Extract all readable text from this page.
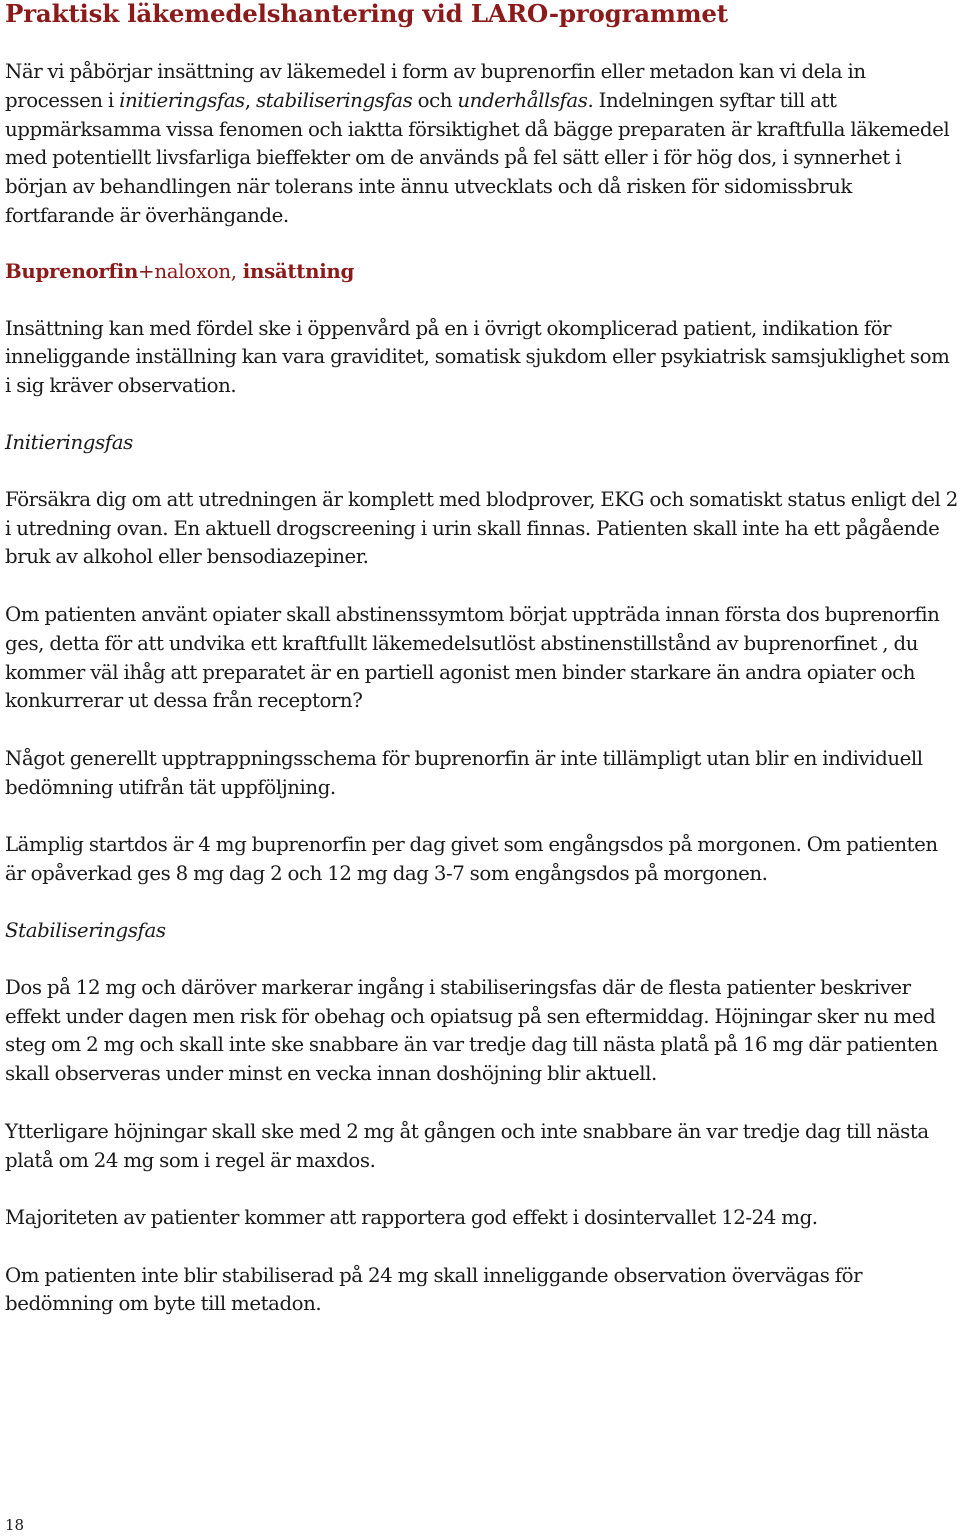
Praktisk läkemedelshantering vid LARO-programmet

När vi påbörjar insättning av läkemedel i form av buprenorfin eller metadon kan vi dela in processen i initieringsfas, stabiliseringsfas och underhållsfas. Indelningen syftar till att uppmärksamma vissa fenomen och iaktta försiktighet då bägge preparaten är kraftfulla läkemedel med potentiellt livsfarliga bieffekter om de används på fel sätt eller i för hög dos, i synnerhet i början av behandlingen när tolerans inte ännu utvecklats och då risken för sidomissbruk fortfarande är överhängande.

Buprenorfin+naloxon, insättning

Insättning kan med fördel ske i öppenvård på en i övrigt okomplicerad patient, indikation för inneliggande inställning kan vara graviditet, somatisk sjukdom eller psykiatrisk samsjuklighet som i sig kräver observation.

Initieringsfas

Försäkra dig om att utredningen är komplett med blodprover, EKG och somatiskt status enligt del 2 i utredning ovan. En aktuell drogscreening i urin skall finnas. Patienten skall inte ha ett pågående bruk av alkohol eller bensodiazepiner.

Om patienten använt opiater skall abstinenssymtom börjat uppträda innan första dos buprenorfin ges, detta för att undvika ett kraftfullt läkemedelsutlöst abstinenstillstånd av buprenorfinet , du kommer väl ihåg att preparatet är en partiell agonist men binder starkare än andra opiater och konkurrerar ut dessa från receptorn?

Något generellt upptrappningsschema för buprenorfin är inte tillämpligt utan blir en individuell bedömning utifrån tät uppföljning.

Lämplig startdos är 4 mg buprenorfin per dag givet som engångsdos på morgonen. Om patienten är opåverkad ges 8 mg dag 2 och 12 mg dag 3-7 som engångsdos på morgonen.

Stabiliseringsfas

Dos på 12 mg och däröver markerar ingång i stabiliseringsfas där de flesta patienter beskriver effekt under dagen men risk för obehag och opiatsug på sen eftermiddag. Höjningar sker nu med steg om 2 mg och skall inte ske snabbare än var tredje dag till nästa platå på 16 mg där patienten skall observeras under minst en vecka innan doshöjning blir aktuell.

Ytterligare höjningar skall ske med 2 mg åt gången och inte snabbare än var tredje dag till nästa platå om 24 mg som i regel är maxdos.

Majoriteten av patienter kommer att rapportera god effekt i dosintervallet 12-24 mg.

Om patienten inte blir stabiliserad på 24 mg skall inneliggande observation övervägas för bedömning om byte till metadon.

18
